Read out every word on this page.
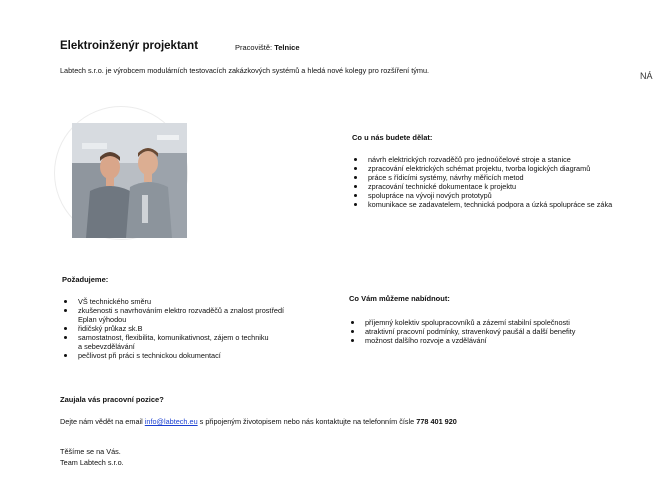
Elektroinženýr projektant	Pracoviště: Telnice
Labtech s.r.o. je výrobcem modulárních testovacích zakázkových systémů a hledá nové kolegy pro rozšíření týmu.
NÁ
Co u nás budete dělat:
návrh elektrických rozvaděčů pro jednoúčelové stroje a stanice
zpracování elektrických schémat projektu, tvorba logických diagramů
práce s řídicími systémy, návrhy měřicích metod
zpracování technické dokumentace k projektu
spolupráce na vývoji nových prototypů
komunikace se zadavatelem, technická podpora a úzká spolupráce se záka
Požadujeme:
VŠ technického směru
zkušenosti s navrhováním elektro rozvaděčů a znalost prostředí
Eplan výhodou
řidičský průkaz sk.B
samostatnost, flexibilita, komunikativnost, zájem o techniku
a sebevzdělávání
pečlivost při práci s technickou dokumentací
Co Vám můžeme nabídnout:
příjemný kolektiv spolupracovníků a zázemí stabilní společnosti
atraktivní pracovní podmínky, stravenkový paušál a další benefity
možnost dalšího rozvoje a vzdělávání
Zaujala vás pracovní pozice?
Dejte nám vědět na email info@labtech.eu s připojeným životopisem nebo nás kontaktujte na telefonním čísle 778 401 920
Těšíme se na Vás.
Team Labtech s.r.o.
